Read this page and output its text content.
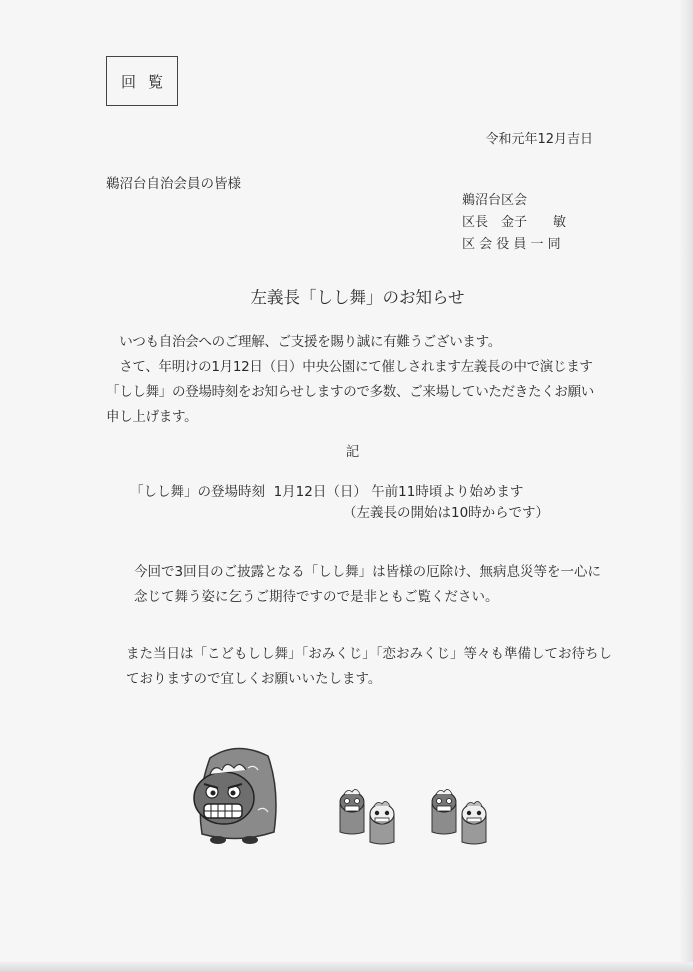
回覧
令和元年12月吉日
鵜沼台自治会員の皆様
鵜沼台区会
区長　金子　　敏
区 会 役 員 一 同
左義長「しし舞」のお知らせ

　いつも自治会へのご理解、ご支援を賜り誠に有難うございます。

　さて、年明けの1月12日（日）中央公園にて催しされます左義長の中で演じます「しし舞」の登場時刻をお知らせしますので多数、ご来場していただきたくお願い申し上げます。

記
「しし舞」の登場時刻  1月12日（日） 午前11時頃より始めます
（左義長の開始は10時からです）

今回で3回目のご披露となる「しし舞」は皆様の厄除け、無病息災等を一心に念じて舞う姿に乞うご期待ですので是非ともご覧ください。

また当日は「こどもしし舞」「おみくじ」「恋おみくじ」等々も準備してお待ちしておりますので宜しくお願いいたします。
